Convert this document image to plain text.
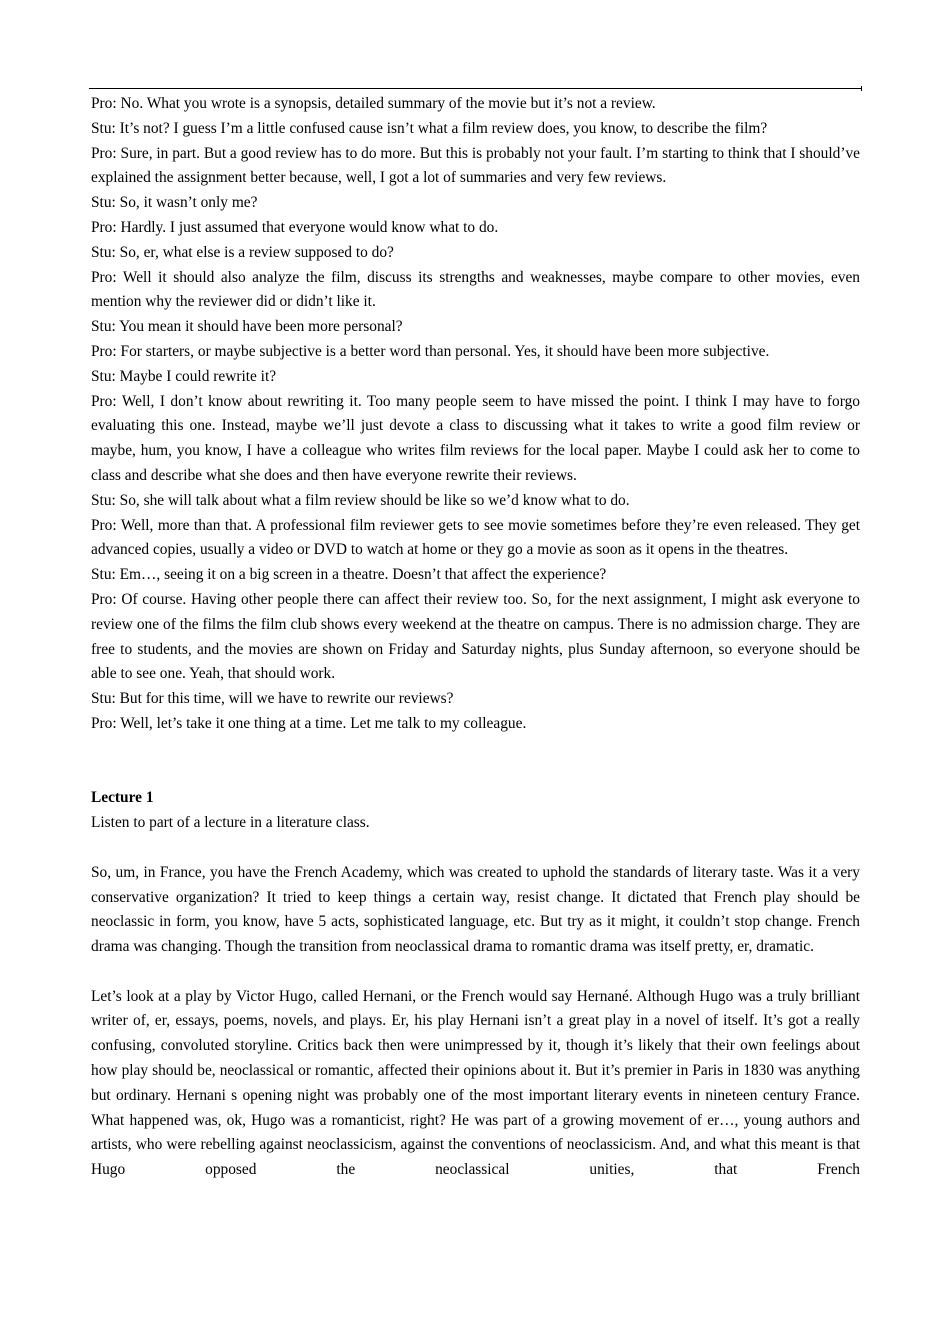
Pro: No. What you wrote is a synopsis, detailed summary of the movie but it’s not a review.

Stu: It’s not? I guess I’m a little confused cause isn’t what a film review does, you know, to describe the film?

Pro: Sure, in part. But a good review has to do more. But this is probably not your fault. I’m starting to think that I should’ve explained the assignment better because, well, I got a lot of summaries and very few reviews.

Stu: So, it wasn’t only me?

Pro: Hardly. I just assumed that everyone would know what to do.

Stu: So, er, what else is a review supposed to do?

Pro: Well it should also analyze the film, discuss its strengths and weaknesses, maybe compare to other movies, even mention why the reviewer did or didn’t like it.

Stu: You mean it should have been more personal?

Pro: For starters, or maybe subjective is a better word than personal. Yes, it should have been more subjective.

Stu: Maybe I could rewrite it?

Pro: Well, I don’t know about rewriting it. Too many people seem to have missed the point. I think I may have to forgo evaluating this one. Instead, maybe we’ll just devote a class to discussing what it takes to write a good film review or maybe, hum, you know, I have a colleague who writes film reviews for the local paper. Maybe I could ask her to come to class and describe what she does and then have everyone rewrite their reviews.

Stu: So, she will talk about what a film review should be like so we’d know what to do.

Pro: Well, more than that. A professional film reviewer gets to see movie sometimes before they’re even released. They get advanced copies, usually a video or DVD to watch at home or they go a movie as soon as it opens in the theatres.

Stu: Em…, seeing it on a big screen in a theatre. Doesn’t that affect the experience?

Pro: Of course. Having other people there can affect their review too. So, for the next assignment, I might ask everyone to review one of the films the film club shows every weekend at the theatre on campus. There is no admission charge. They are free to students, and the movies are shown on Friday and Saturday nights, plus Sunday afternoon, so everyone should be able to see one. Yeah, that should work.

Stu: But for this time, will we have to rewrite our reviews?

Pro: Well, let’s take it one thing at a time. Let me talk to my colleague.

Lecture 1

Listen to part of a lecture in a literature class.

So, um, in France, you have the French Academy, which was created to uphold the standards of literary taste. Was it a very conservative organization? It tried to keep things a certain way, resist change. It dictated that French play should be neoclassic in form, you know, have 5 acts, sophisticated language, etc. But try as it might, it couldn’t stop change. French drama was changing. Though the transition from neoclassical drama to romantic drama was itself pretty, er, dramatic.

Let’s look at a play by Victor Hugo, called Hernani, or the French would say Hernané. Although Hugo was a truly brilliant writer of, er, essays, poems, novels, and plays. Er, his play Hernani isn’t a great play in a novel of itself. It’s got a really confusing, convoluted storyline. Critics back then were unimpressed by it, though it’s likely that their own feelings about how play should be, neoclassical or romantic, affected their opinions about it. But it’s premier in Paris in 1830 was anything but ordinary. Hernani s opening night was probably one of the most important literary events in nineteen century France. What happened was, ok, Hugo was a romanticist, right? He was part of a growing movement of er…, young authors and artists, who were rebelling against neoclassicism, against the conventions of neoclassicism. And, and what this meant is that Hugo opposed the neoclassical unities, that French
